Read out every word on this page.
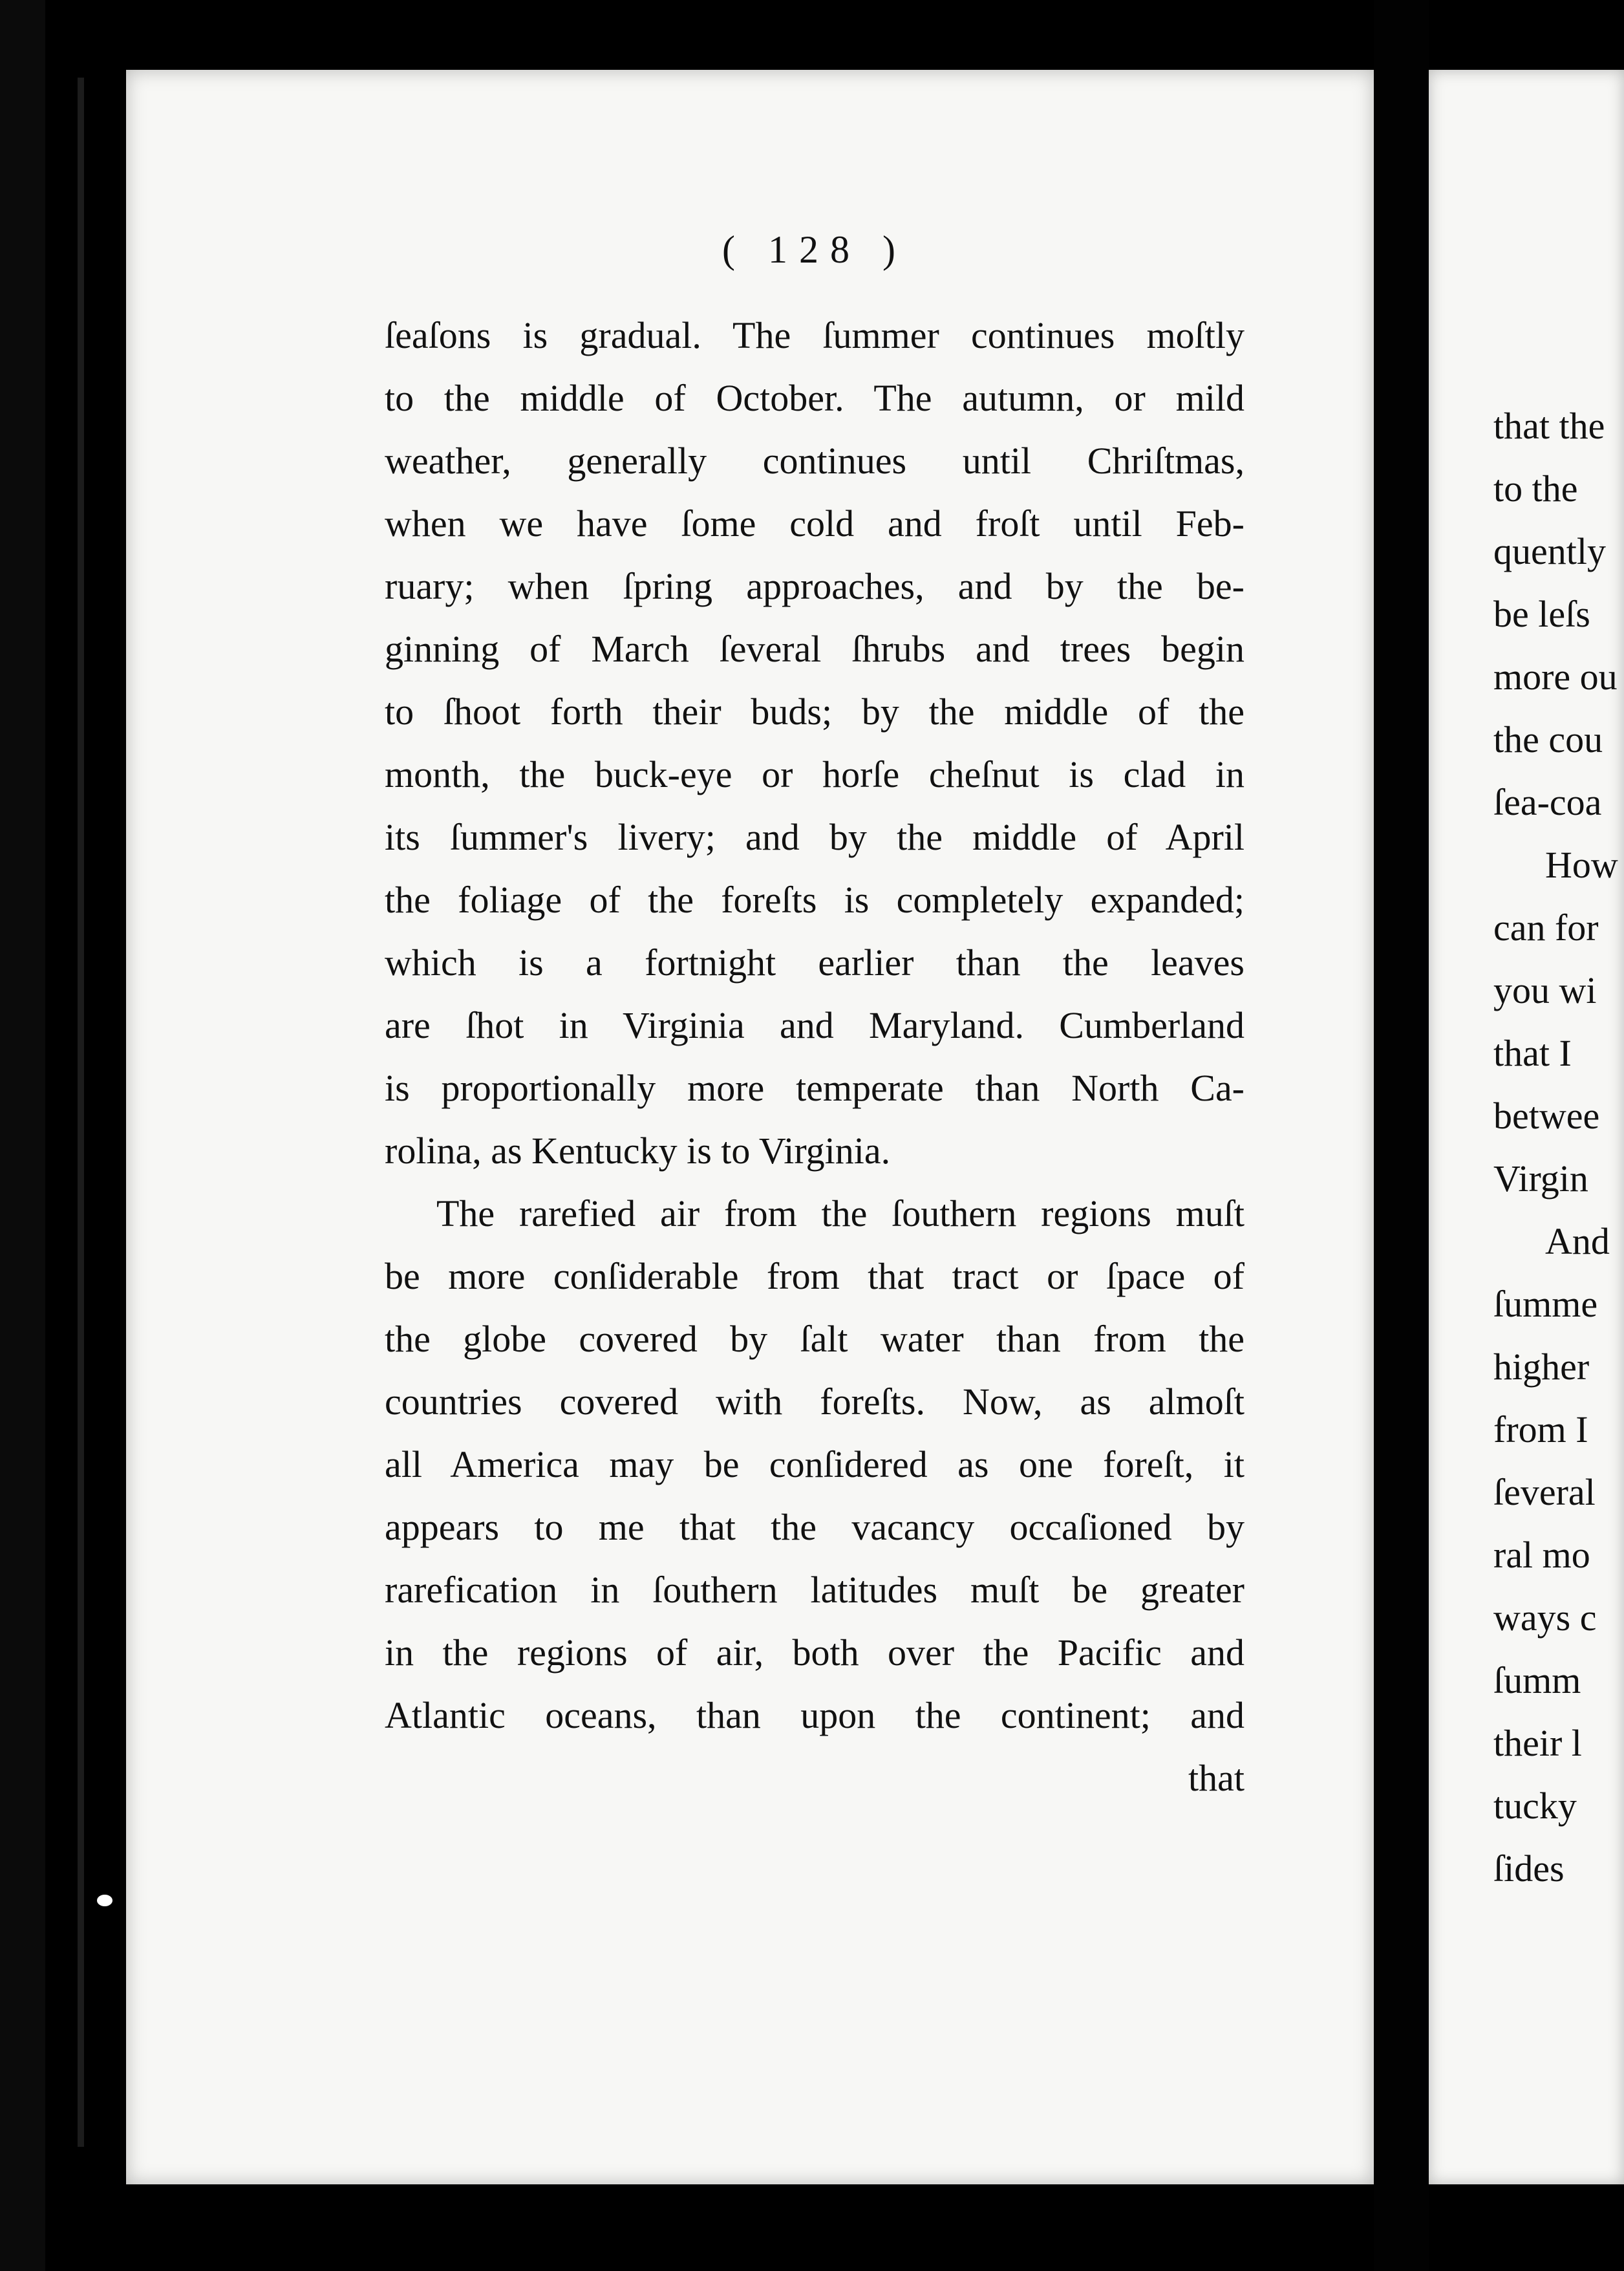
( 128 )
ſeaſons is gradual. The ſummer continues moſtly
to the middle of October. The autumn, or mild
weather, generally continues until Chriſtmas,
when we have ſome cold and froſt until Feb-
ruary; when ſpring approaches, and by the be-
ginning of March ſeveral ſhrubs and trees begin
to ſhoot forth their buds; by the middle of the
month, the buck-eye or horſe cheſnut is clad in
its ſummer's livery; and by the middle of April
the foliage of the foreſts is completely expanded;
which is a fortnight earlier than the leaves
are ſhot in Virginia and Maryland. Cumberland
is proportionally more temperate than North Ca-
rolina, as Kentucky is to Virginia.
The rarefied air from the ſouthern regions muſt
be more conſiderable from that tract or ſpace of
the globe covered by ſalt water than from the
countries covered with foreſts. Now, as almoſt
all America may be conſidered as one foreſt, it
appears to me that the vacancy occaſioned by
rarefication in ſouthern latitudes muſt be greater
in the regions of air, both over the Pacific and
Atlantic oceans, than upon the continent; and
that
that the
to the
quently
be leſs
more ou
the cou
ſea-coa
How
can for
you wi
that I
betwee
Virgin
And
ſumme
higher
from I
ſeveral
ral mo
ways c
ſumm
their l
tucky
ſides
